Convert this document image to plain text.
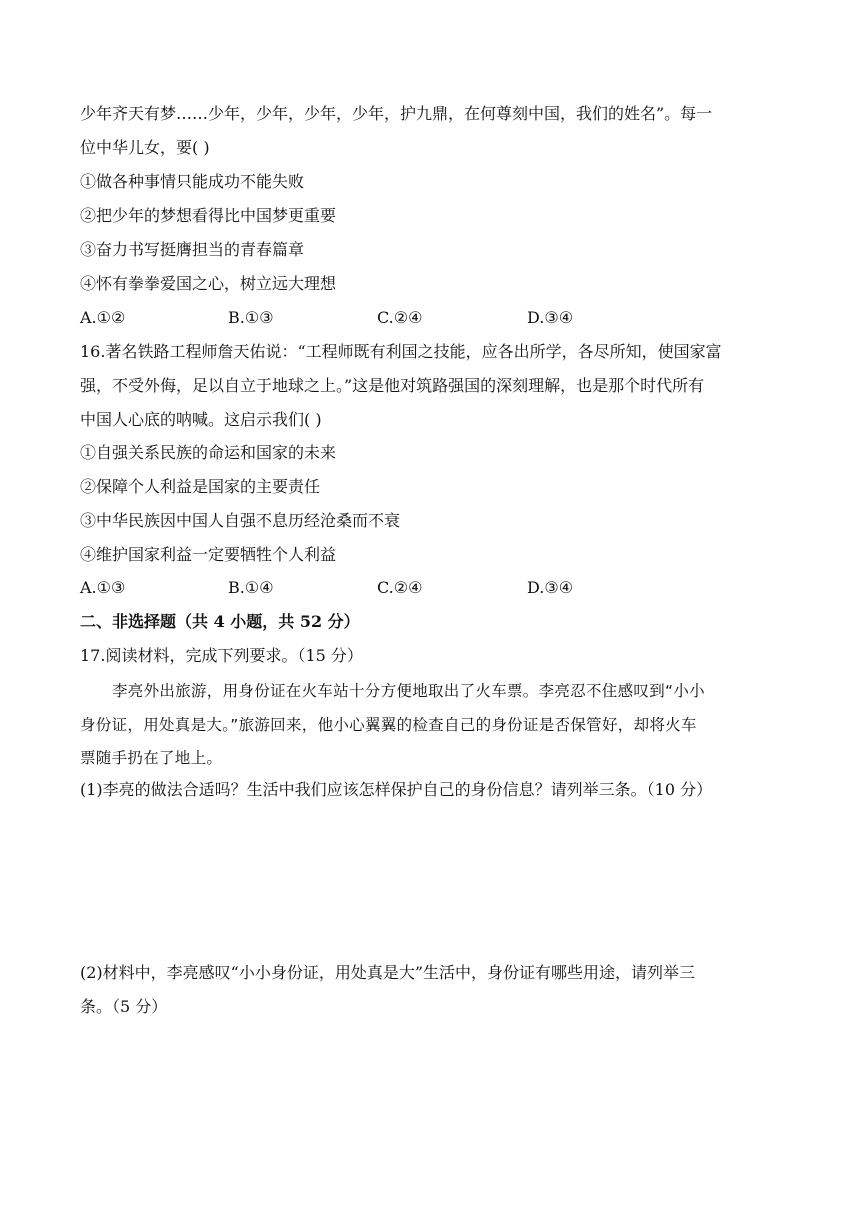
少年齐天有梦……少年，少年，少年，少年，护九鼎，在何尊刻中国，我们的姓名”。每一
位中华儿女，要( )
①做各种事情只能成功不能失败
②把少年的梦想看得比中国梦更重要
③奋力书写挺膺担当的青春篇章
④怀有拳拳爱国之心，树立远大理想
A.①②	B.①③	C.②④	D.③④
16.著名铁路工程师詹天佑说：“工程师既有利国之技能，应各出所学，各尽所知，使国家富
强，不受外侮，足以自立于地球之上。”这是他对筑路强国的深刻理解，也是那个时代所有
中国人心底的呐喊。这启示我们( )
①自强关系民族的命运和国家的未来
②保障个人利益是国家的主要责任
③中华民族因中国人自强不息历经沧桑而不衰
④维护国家利益一定要牺牲个人利益
A.①③	B.①④	C.②④	D.③④
二、非选择题（共 4 小题，共 52 分）
17.阅读材料，完成下列要求。（15 分）
李亮外出旅游，用身份证在火车站十分方便地取出了火车票。李亮忍不住感叹到“小小
身份证，用处真是大。”旅游回来，他小心翼翼的检查自己的身份证是否保管好，却将火车
票随手扔在了地上。
(1)李亮的做法合适吗？生活中我们应该怎样保护自己的身份信息？请列举三条。（10 分）
(2)材料中，李亮感叹“小小身份证，用处真是大”生活中，身份证有哪些用途，请列举三
条。（5 分）
